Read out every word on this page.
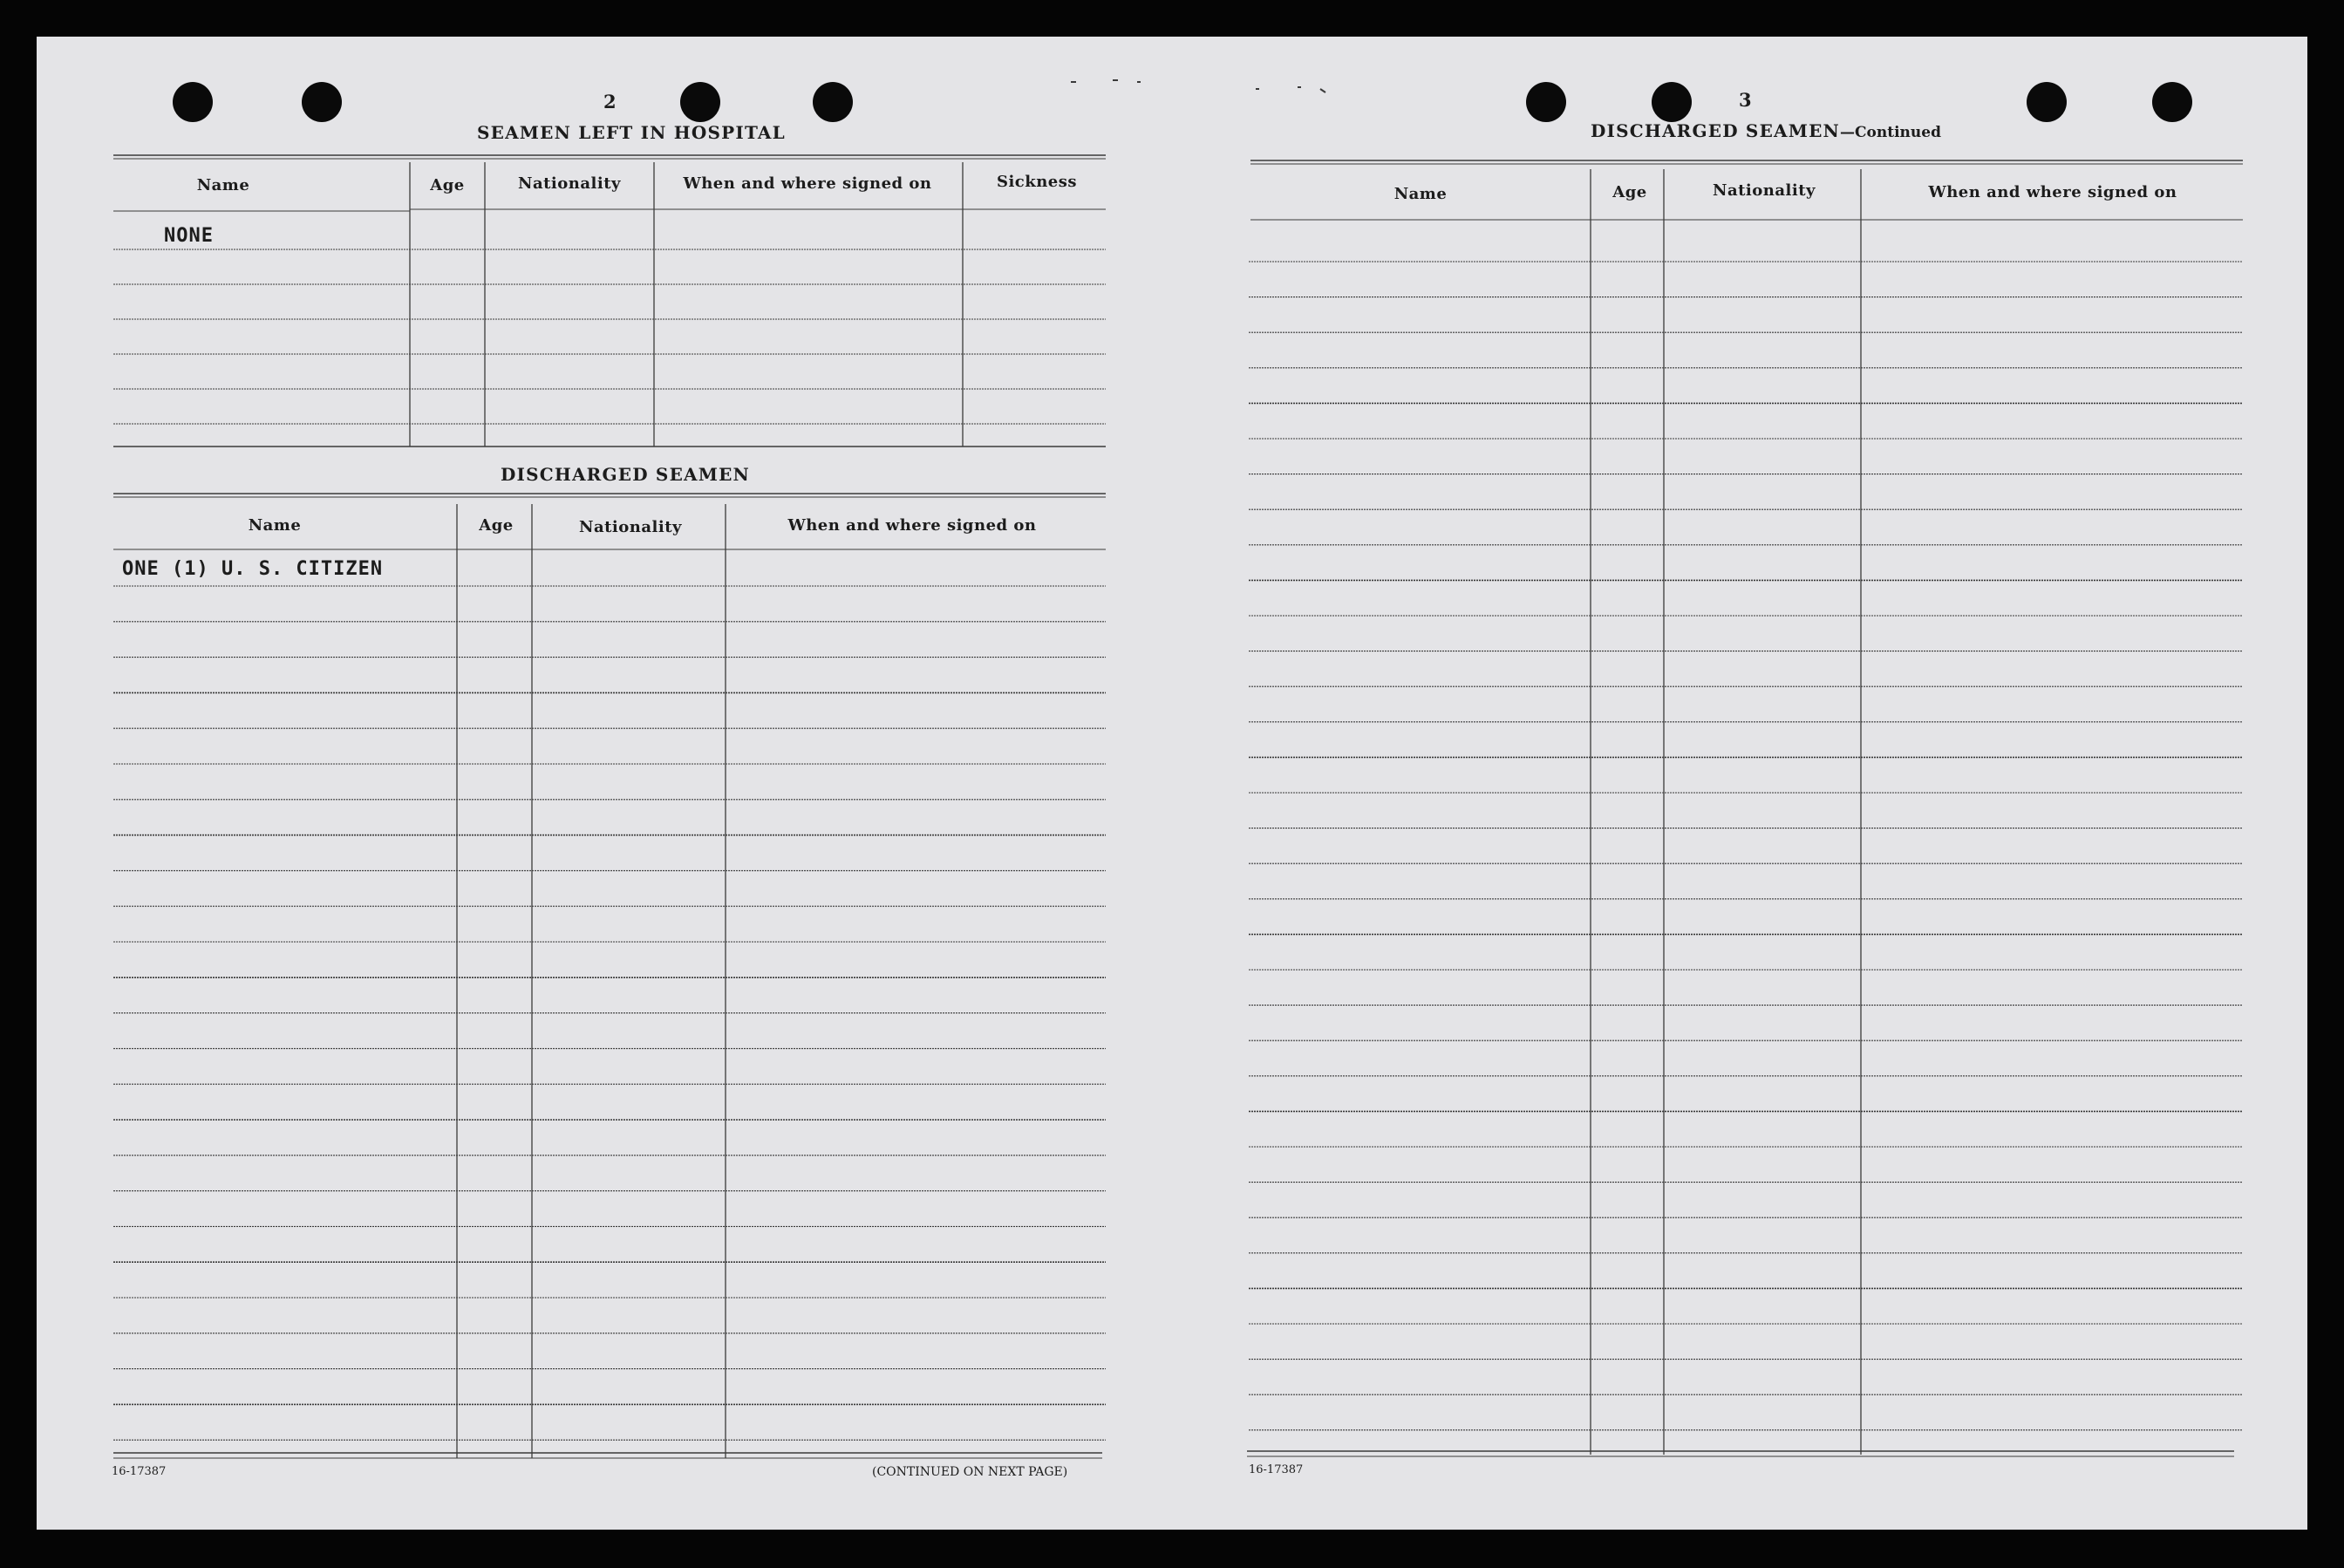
2
SEAMEN LEFT IN HOSPITAL
Name	Age	Nationality	When and where signed on	Sickness
NONE
DISCHARGED SEAMEN
Name	Age	Nationality	When and where signed on
ONE (1) U. S. CITIZEN
16-17387	(CONTINUED ON NEXT PAGE)
3
DISCHARGED SEAMEN—Continued
Name	Age	Nationality	When and where signed on
16-17387
